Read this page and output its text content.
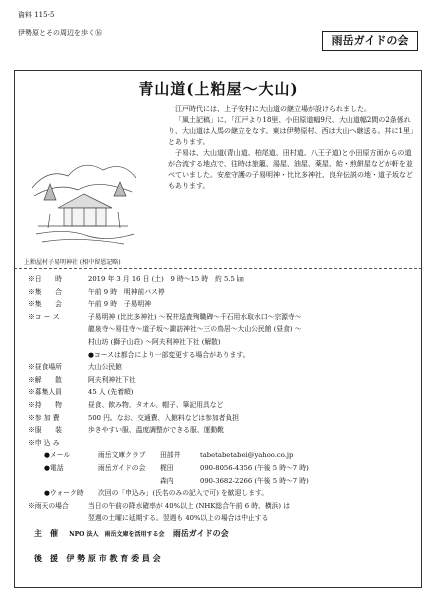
資料 115-5
伊勢原とその周辺を歩く⑯
雨岳ガイドの会
青山道(上粕屋～大山)

江戸時代には、上子安村に大山道の継立場が設けられました。

「風土記稿」に、「江戸より18里、小田原道幅9尺、大山道幅2間の2条係れり、大山道は人馬の継立をなす。東は伊勢原村、西は大山へ継送る。丼に1里」とあります。

子易は、大山道(青山道、柏尾道、田村道、八王子道)と小田原方面からの道が合流する地点で、往時は旅籠、湯屋、油屋、薬屋、飴・煎餅屋などが軒を並べていました。安産守護の子易明神・比比多神社、良弁伝説の地・道子坂などもあります。

上粕屋村子易明神社 (相中留恩記略)
※日　　時	2019 年 3 月 16 日 (土)　9 時～15 時　約 5.5 ㎞
※集　　合	午前 9 時　明神前バス停
※集　　会	午前 9 時　子易明神
※コ ー ス	子易明神 (比比多神社) ～祝井巡査殉職碑～千石用水取水口～宗源寺～
龍泉寺～易往寺～道子坂～諏訪神社～三の鳥居～大山公民館 (昼食) ～
村山坊 (獅子山荘) ～阿夫利神社下社 (解散)
●コースは都合により一部変更する場合があります。
※昼食場所	大山公民館
※解　　散	阿夫利神社下社
※募集人員	45 人 (先着順)
※持　　物	昼食、飲み物、タオル、帽子、筆記用具など
※参 加 費	500 円。なお、交通費、入館料などは参加者負担
※服　　装	歩きやすい服、温度調整ができる服、運動靴
※申 込 み
●メール	雨岳文庫クラブ	田部井	tabetabetabei@yahoo.co.jp
●電話	雨岳ガイドの会	梶田	090-8056-4356 (午後 5 時～7 時)
森内	090-3682-2266 (午後 5 時～7 時)
●ウォーク時	次回の「申込み」(氏名のみの記入で可) を歓迎します。
※雨天の場合	当日の午前の降水確率が 40%以上 (NHK総合午前 6 時、横浜) は
翌週の土曜に延期する。翌週も 40%以上の場合は中止する
主　催 NPO 法人　雨岳文庫を活用する会 雨岳ガイドの会
後　援 伊 勢 原 市 教 育 委 員 会
